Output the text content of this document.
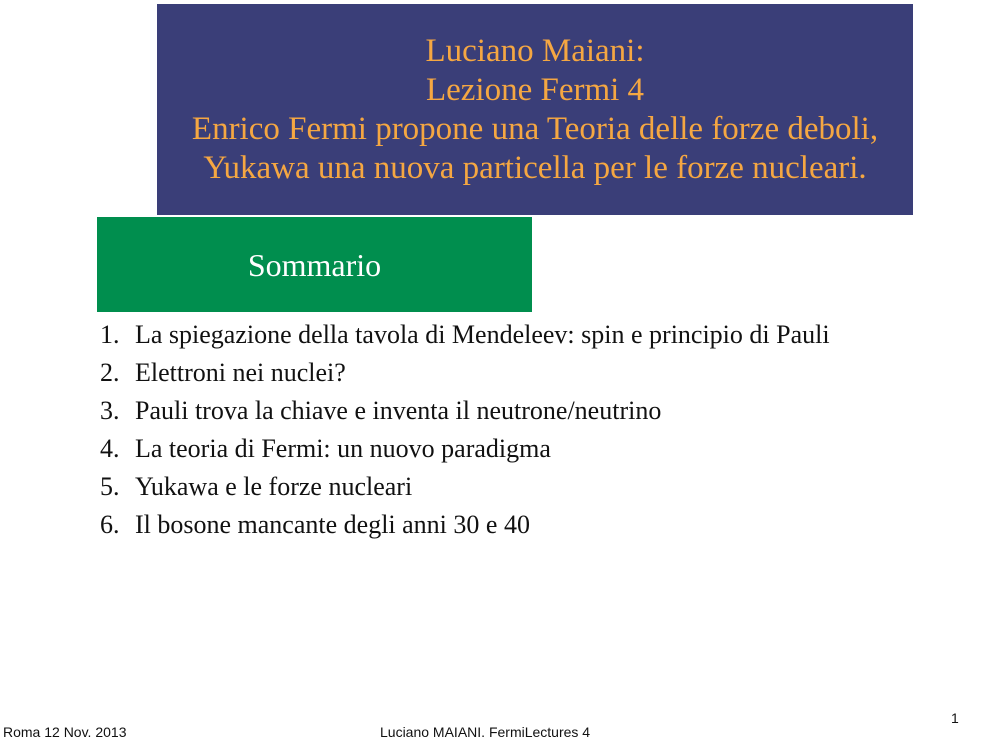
Luciano Maiani:
Lezione Fermi 4
Enrico Fermi propone una Teoria delle forze deboli,
Yukawa una nuova particella per le forze nucleari.
Sommario
1. La spiegazione della tavola di Mendeleev: spin e principio di Pauli
2. Elettroni nei nuclei?
3. Pauli trova la chiave e inventa il neutrone/neutrino
4. La teoria di Fermi: un nuovo paradigma
5. Yukawa e le forze nucleari
6. Il bosone mancante degli anni 30 e 40
Roma 12 Nov. 2013	Luciano MAIANI. FermiLectures 4
1
